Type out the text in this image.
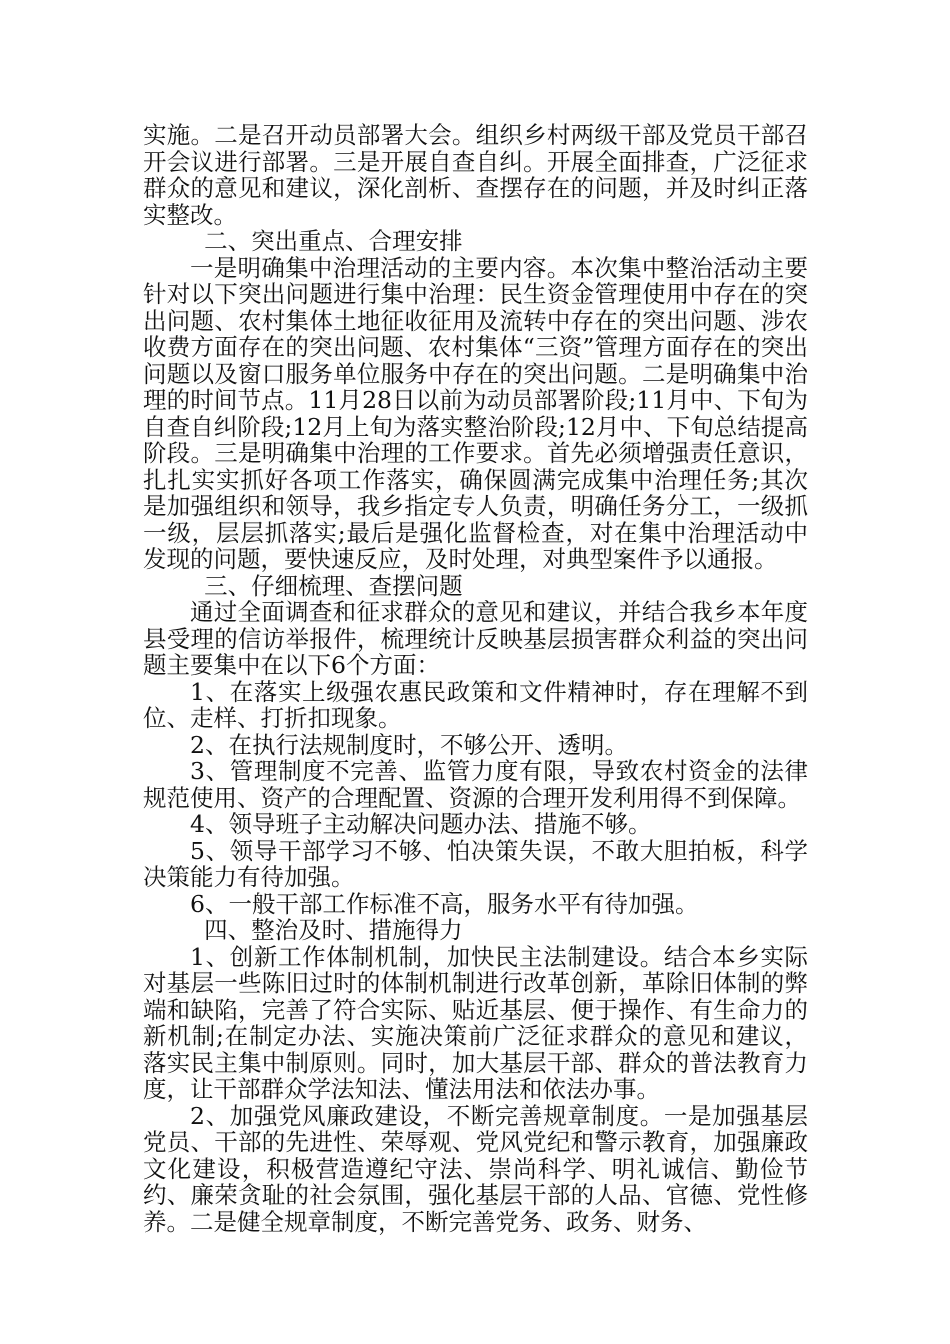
实施。二是召开动员部署大会。组织乡村两级干部及党员干部召开会议进行部署。三是开展自查自纠。开展全面排查，广泛征求群众的意见和建议，深化剖析、查摆存在的问题，并及时纠正落实整改。

二、突出重点、合理安排

一是明确集中治理活动的主要内容。本次集中整治活动主要针对以下突出问题进行集中治理：民生资金管理使用中存在的突出问题、农村集体土地征收征用及流转中存在的突出问题、涉农收费方面存在的突出问题、农村集体“三资”管理方面存在的突出问题以及窗口服务单位服务中存在的突出问题。二是明确集中治理的时间节点。11月28日以前为动员部署阶段;11月中、下旬为自查自纠阶段;12月上旬为落实整治阶段;12月中、下旬总结提高阶段。三是明确集中治理的工作要求。首先必须增强责任意识，扎扎实实抓好各项工作落实，确保圆满完成集中治理任务;其次是加强组织和领导，我乡指定专人负责，明确任务分工，一级抓一级，层层抓落实;最后是强化监督检查，对在集中治理活动中发现的问题，要快速反应，及时处理，对典型案件予以通报。

三、仔细梳理、查摆问题

通过全面调查和征求群众的意见和建议，并结合我乡本年度县受理的信访举报件，梳理统计反映基层损害群众利益的突出问题主要集中在以下6个方面：

1、在落实上级强农惠民政策和文件精神时，存在理解不到位、走样、打折扣现象。

2、在执行法规制度时，不够公开、透明。

3、管理制度不完善、监管力度有限，导致农村资金的法律规范使用、资产的合理配置、资源的合理开发利用得不到保障。

4、领导班子主动解决问题办法、措施不够。

5、领导干部学习不够、怕决策失误，不敢大胆拍板，科学决策能力有待加强。

6、一般干部工作标准不高，服务水平有待加强。

四、整治及时、措施得力

1、创新工作体制机制，加快民主法制建设。结合本乡实际对基层一些陈旧过时的体制机制进行改革创新，革除旧体制的弊端和缺陷，完善了符合实际、贴近基层、便于操作、有生命力的新机制;在制定办法、实施决策前广泛征求群众的意见和建议，落实民主集中制原则。同时，加大基层干部、群众的普法教育力度，让干部群众学法知法、懂法用法和依法办事。

2、加强党风廉政建设，不断完善规章制度。一是加强基层党员、干部的先进性、荣辱观、党风党纪和警示教育，加强廉政文化建设，积极营造遵纪守法、崇尚科学、明礼诚信、勤俭节约、廉荣贪耻的社会氛围，强化基层干部的人品、官德、党性修养。二是健全规章制度，不断完善党务、政务、财务、
